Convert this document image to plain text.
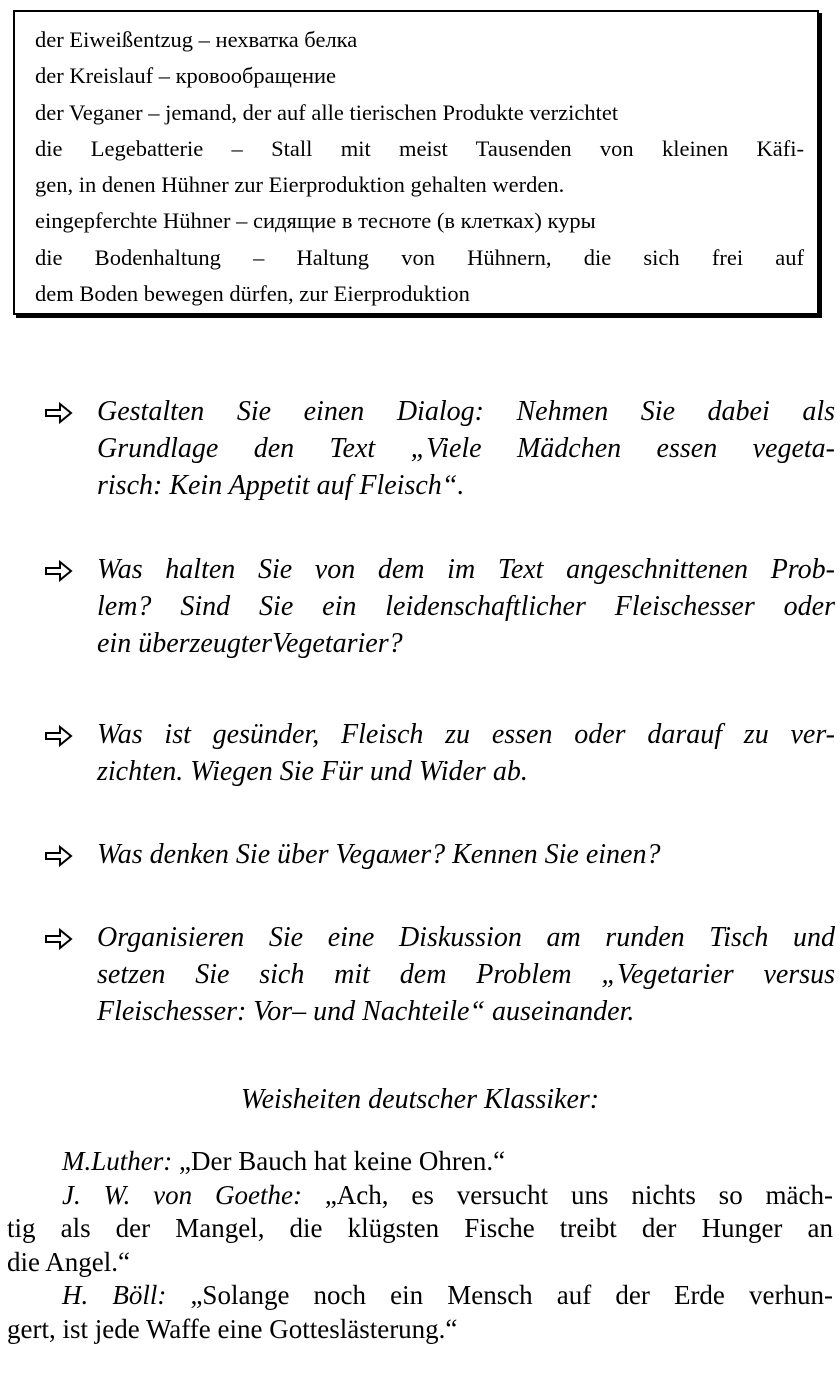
der Eiweißentzug – нехватка белка
der Kreislauf – кровообращение
der Veganer – jemand, der auf alle tierischen Produkte verzichtet
die Legebatterie – Stall mit meist Tausenden von kleinen Käfi-
gen, in denen Hühner zur Eierproduktion gehalten werden.
eingepferchte Hühner – сидящие в тесноте (в клетках) куры
die Bodenhaltung – Haltung von Hühnern, die sich frei auf
dem Boden bewegen dürfen, zur Eierproduktion
Gestalten Sie einen Dialog: Nehmen Sie dabei als
Grundlage den Text „Viele Mädchen essen vegeta-
risch: Kein Appetit auf Fleisch“.
Was halten Sie von dem im Text angeschnittenen Prob-
lem? Sind Sie ein leidenschaftlicher Fleischesser oder
ein überzeugterVegetarier?
Was ist gesünder, Fleisch zu essen oder darauf zu ver-
zichten. Wiegen Sie Für und Wider ab.
Was denken Sie über Vegaмer? Kennen Sie einen?
Organisieren Sie eine Diskussion am runden Tisch und
setzen Sie sich mit dem Problem „Vegetarier versus
Fleischesser: Vor– und Nachteile“ auseinander.
Weisheiten deutscher Klassiker:
M.Luther: „Der Bauch hat keine Ohren.“
J. W. von Goethe: „Ach, es versucht uns nichts so mäch-
tig als der Mangel, die klügsten Fische treibt der Hunger an
die Angel.“
H. Böll: „Solange noch ein Mensch auf der Erde verhun-
gert, ist jede Waffe eine Gotteslästerung.“
